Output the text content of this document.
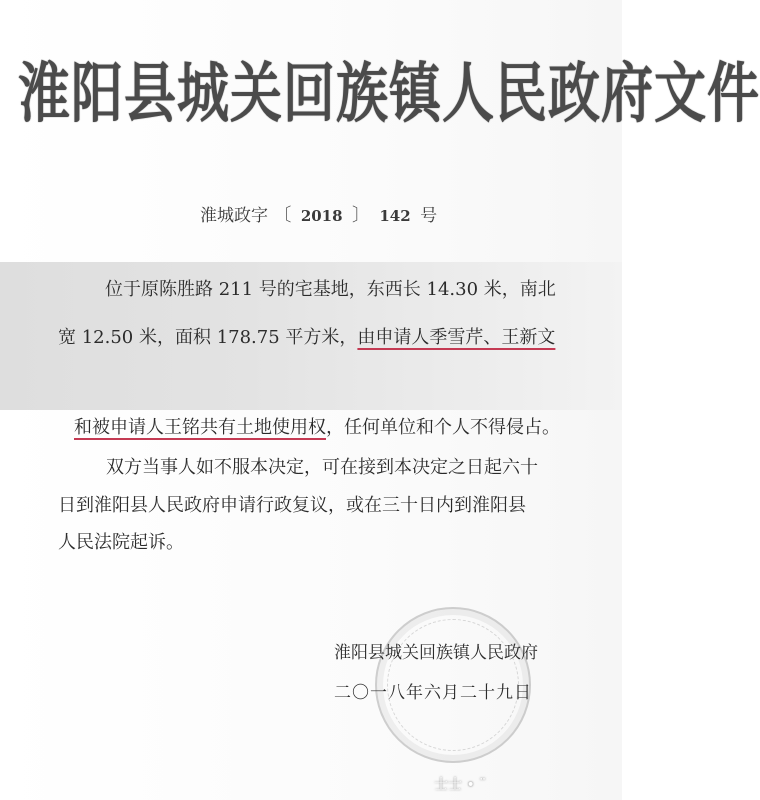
淮阳县城关回族镇人民政府文件
淮城政字 〔 2018 〕 142 号
位于原陈胜路 211 号的宅基地，东西长 14.30 米，南北
宽 12.50 米，面积 178.75 平方米，由申请人季雪芹、王新文
和被申请人王铭共有土地使用权，任何单位和个人不得侵占。
双方当事人如不服本决定，可在接到本决定之日起六十
日到淮阳县人民政府申请行政复议，或在三十日内到淮阳县
人民法院起诉。
淮阳县城关回族镇人民政府
二〇一八年六月二十九日
士士 • ¨
